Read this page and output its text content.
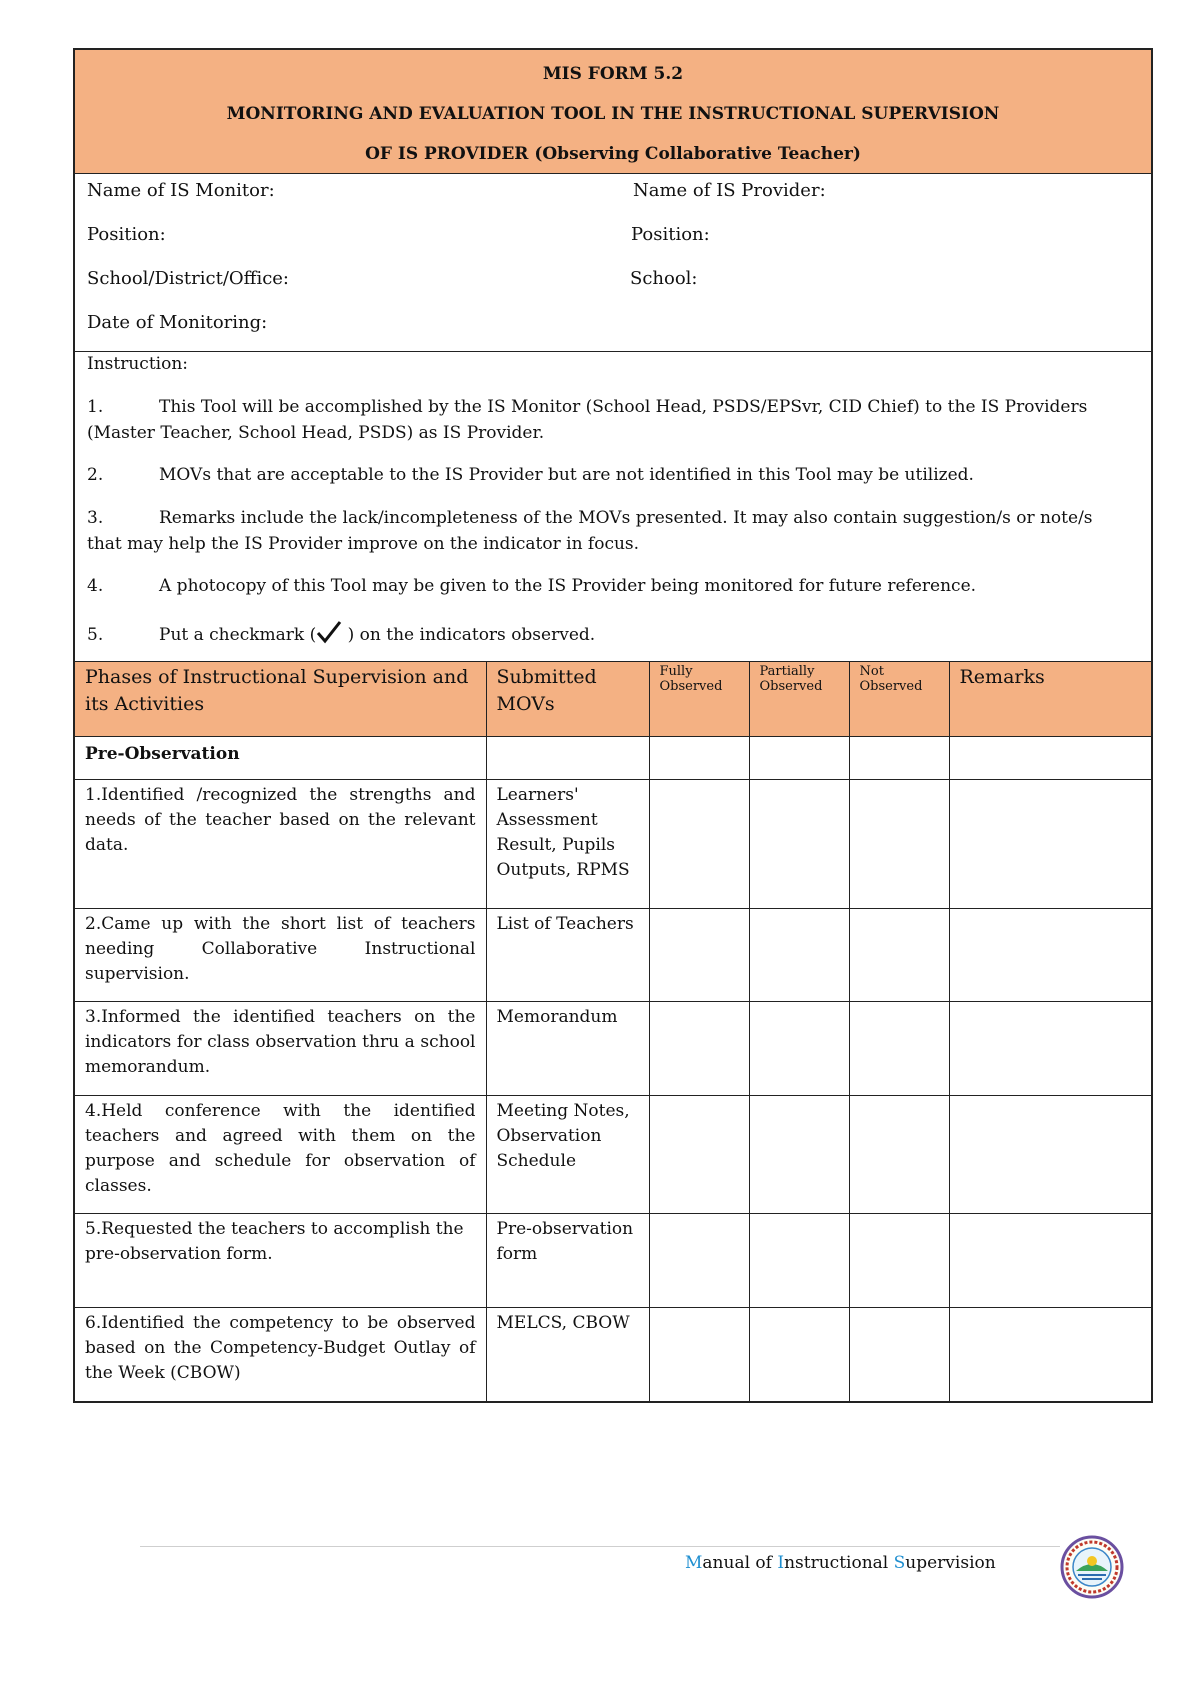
MIS FORM 5.2
MONITORING AND EVALUATION TOOL IN THE INSTRUCTIONAL SUPERVISION
OF IS PROVIDER (Observing Collaborative Teacher)
Name of IS Monitor:
Position:
School/District/Office:
Date of Monitoring:
Name of IS Provider:
Position:
School:
Instruction:
1.	This Tool will be accomplished by the IS Monitor (School Head, PSDS/EPSvr, CID Chief) to the IS Providers (Master Teacher, School Head, PSDS) as IS Provider.
2.	MOVs that are acceptable to the IS Provider but are not identified in this Tool may be utilized.
3.	Remarks include the lack/incompleteness of the MOVs presented. It may also contain suggestion/s or note/s that may help the IS Provider improve on the indicator in focus.
4.	A photocopy of this Tool may be given to the IS Provider being monitored for future reference.
5.	Put a checkmark ( ) on the indicators observed.
Phases of Instructional Supervision and its Activities	Submitted MOVs	Fully Observed	Partially Observed	Not Observed	Remarks
Pre-Observation					
1.Identified /recognized the strengths and needs of the teacher based on the relevant data.	Learners' Assessment Result, Pupils Outputs, RPMS				
2.Came up with the short list of teachers needing Collaborative Instructional supervision.	List of Teachers				
3.Informed the identified teachers on the indicators for class observation thru a school memorandum.	Memorandum				
4.Held conference with the identified teachers and agreed with them on the purpose and schedule for observation of classes.	Meeting Notes, Observation Schedule				
5.Requested the teachers to accomplish the pre-observation form.	Pre-observation form				
6.Identified the competency to be observed based on the Competency-Budget Outlay of the Week (CBOW)	MELCS, CBOW				
Manual of Instructional Supervision
